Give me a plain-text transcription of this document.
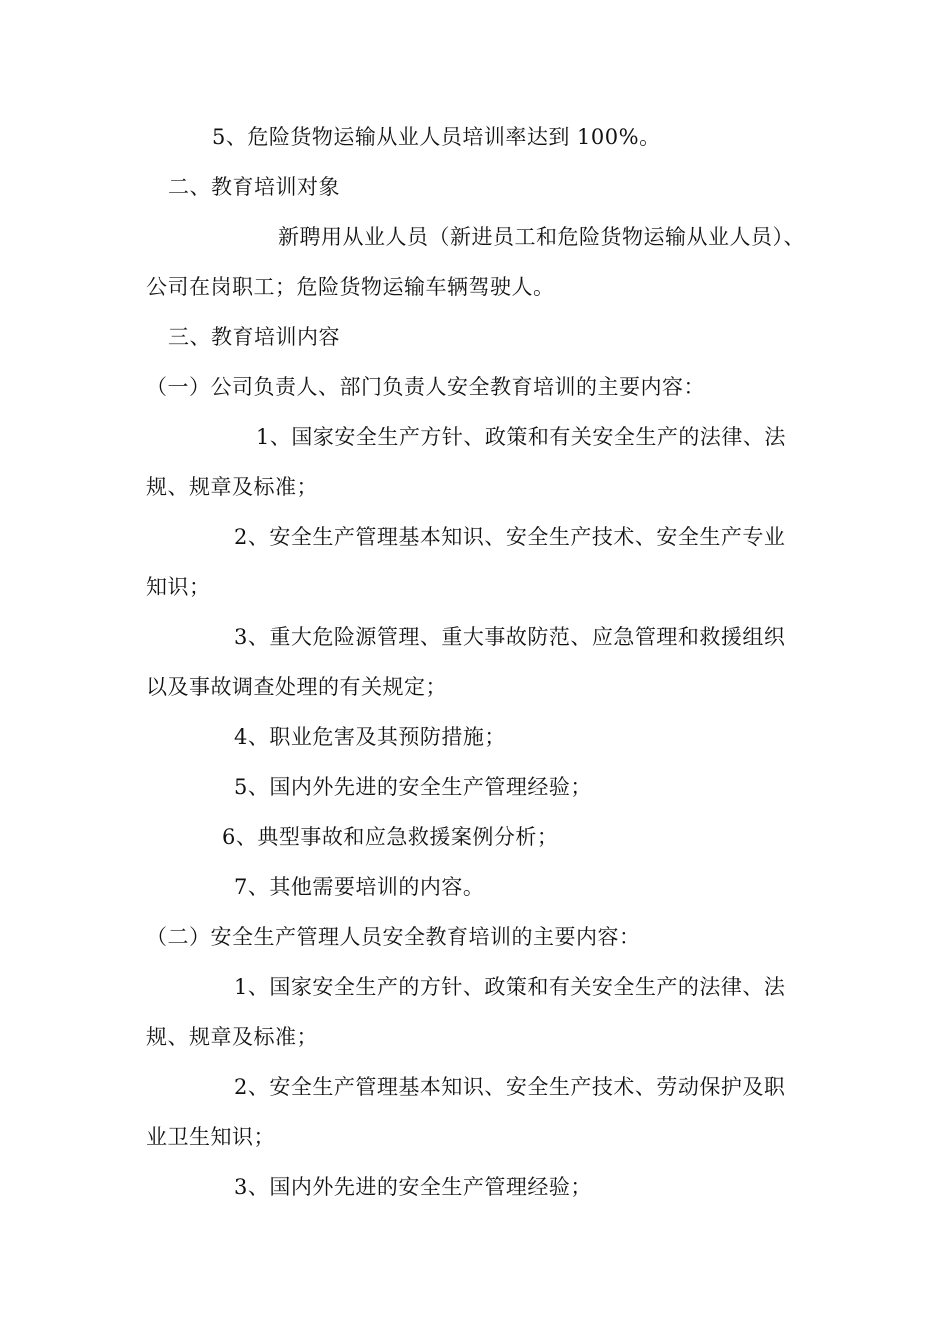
5、危险货物运输从业人员培训率达到 100%。
二、教育培训对象
新聘用从业人员（新进员工和危险货物运输从业人员）、
公司在岗职工；危险货物运输车辆驾驶人。
三、教育培训内容
（一）公司负责人、部门负责人安全教育培训的主要内容：
1、国家安全生产方针、政策和有关安全生产的法律、法
规、规章及标准；
2、安全生产管理基本知识、安全生产技术、安全生产专业
知识；
3、重大危险源管理、重大事故防范、应急管理和救援组织
以及事故调查处理的有关规定；
4、职业危害及其预防措施；
5、国内外先进的安全生产管理经验；
6、典型事故和应急救援案例分析；
7、其他需要培训的内容。
（二）安全生产管理人员安全教育培训的主要内容：
1、国家安全生产的方针、政策和有关安全生产的法律、法
规、规章及标准；
2、安全生产管理基本知识、安全生产技术、劳动保护及职
业卫生知识；
3、国内外先进的安全生产管理经验；
